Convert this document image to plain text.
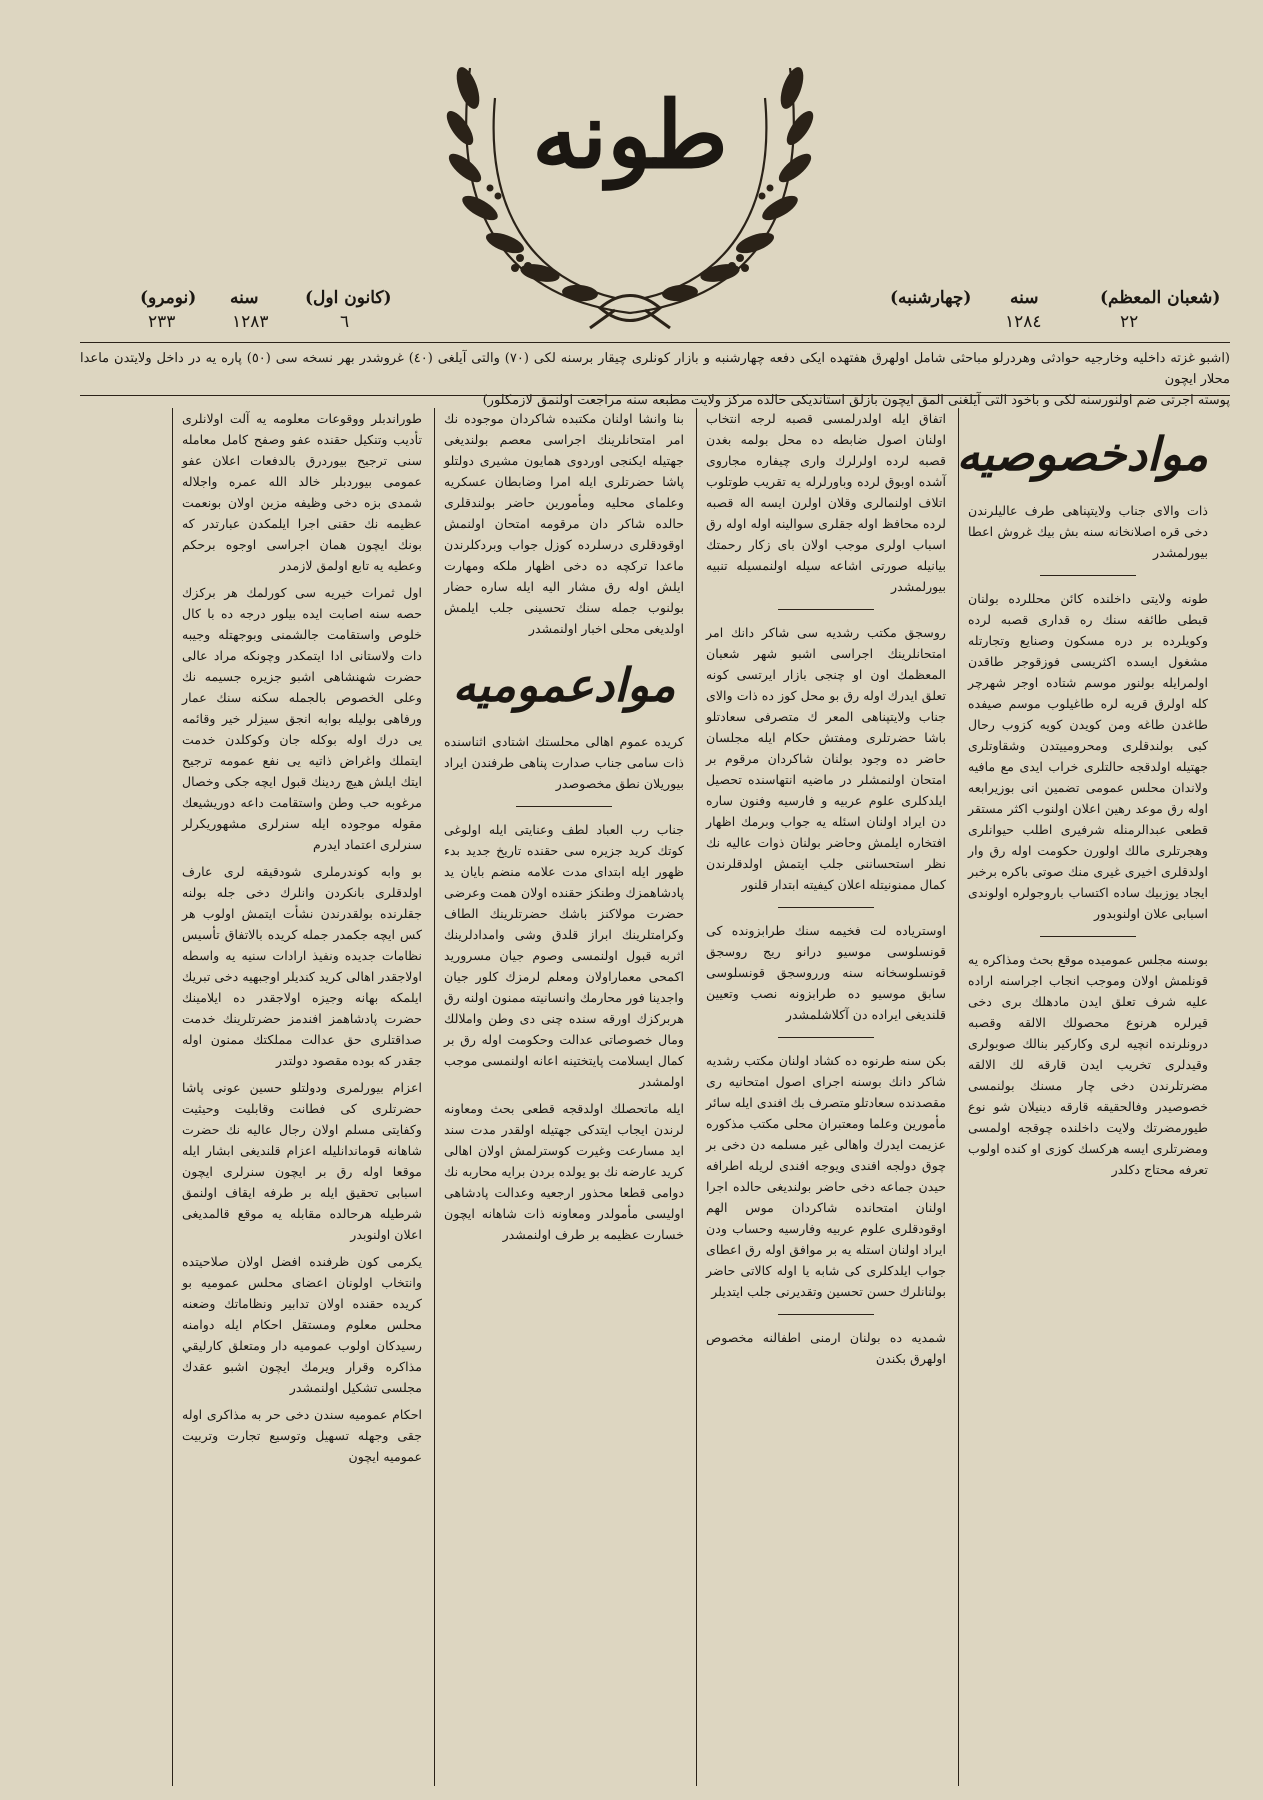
طونه
(شعبان المعظم)
(چهارشنبه) سنه
٢٢
١٢٨٤
(كانون اول)
سنه
(نومرو)
٦
١٢٨٣
٢٣٣
(اشبو غزته داخليه وخارجيه حوادثى وهردرلو مباحثى شامل اولهرق هفتهده ايكى دفعه چهارشنبه و بازار كونلرى چيقار برسنه لكى (٧٠) والتى آيلغى (٤٠) غروشدر بهر نسخه سى (٥٠) پاره يه در داخل ولايتدن ماعدا محلار ايچون
پوسته اجرتى ضم اولنورسنه لكى و باخود التى آيلغنى المق ايچون بازلق استانديكى حالده مركز ولايت مطبعه سنه مراجعت اولنمق لازمكلور)
موادخصوصيه

ذات والاى جناب ولايتپناهى طرف عاليلرندن دخى قره اصلانخانه سنه بش بيك غروش اعطا بيورلمشدر

طونه ولايتى داخلنده كائن محللرده بولنان قبطى طائفه سنك ره قدارى قصبه لرده وكويلرده بر دره مسكون وصنايع وتجارتله مشغول ايسده اكثريسى فوزقوجر طاقدن اولمرايله بولنور موسم شتاده اوجر شهرچر كله اولرق قريه لره طاغيلوب موسم صيفده طاغدن طاغه ومن كويدن كويه كزوب رحال كبى بولندقلرى ومحرومييتدن وشقاوتلرى جهتيله اولدقجه حالتلرى خراب ايدى مع مافيه ولاندان محلس عمومى تضمين انى بوزيرابعه اوله رق موعد رهين اعلان اولنوب اكثر مستقر قطعى عبدالرمنله شرفيرى اطلب حيوانلرى وهجرتلرى مالك اولورن حكومت اوله رق وار اولدقلرى اخيرى غيرى منك صوتى باكره برخبر ايجاد يوزبيك ساده اكتساب باروجولره اولوندى اسبابى علان اولنوبدور

بوسنه مجلس عموميده موقع بحث ومذاكره يه قونلمش اولان وموجب انجاب اجراسنه اراده عليه شرف تعلق ايدن مادهلك برى دخى قيرلره هرنوع محصولك الالقه وقصبه درونلرنده انچيه لرى وكاركير بنالك صوبولرى وقيدلرى تخريب ايدن قارقه لك الالقه مضرتلرندن دخى چار مسنك بولنمسى خصوصيدر وفالحقيقه قارقه دينيلان شو نوع طيورمضرتك ولايت داخلنده چوقجه اولمسى ومضرتلرى ايسه هركسك كوزى او كنده اولوب تعرفه محتاج دكلدر

اتفاق ايله اولدرلمسى قصبه لرجه انتخاب اولنان اصول ضابطه ده محل بولمه بغدن قصبه لرده اولرلرك وارى چيفاره مجاروى آشده اوبوق لرده وباورلرله يه تقريب طوتلوب اتلاف اولنمالرى وقلان اولرن ايسه اله قصبه لرده محافظ اوله جقلرى سوالينه اوله اوله رق اسباب اولرى موجب اولان باى زكار رحمتك بيانيله صورتى اشاعه سيله اولنمسيله تنبيه بيورلمشدر

روسجق مكتب رشديه سى شاكر دانك امر امتحانلرينك اجراسى اشبو شهر شعبان المعظمك اون او چنجى بازار ايرتسى كونه تعلق ايدرك اوله رق بو محل كوز ده ذات والاى جناب ولايتپناهى المعر ك متصرفى سعادتلو باشا حضرتلرى ومفتش حكام ايله مجلسان حاضر ده وجود بولنان شاكردان مرقوم بر امتحان اولنمشلر در ماضيه انتهاسنده تحصيل ايلدكلرى علوم عربيه و فارسيه وفنون ساره دن ايراد اولنان اسئله يه جواب وبرمك اظهار افتخاره ايلمش وحاضر بولنان ذوات عاليه نك نظر استحساننى جلب ايتمش اولدقلرندن كمال ممنونيتله اعلان كيفيته ابتدار قلنور

اوسترياده لت فخيمه سنك طرابزونده كى قونسلوسى موسيو درانو ريج روسجق قونسلوسخانه سنه ورروسجق قونسلوسى سابق موسيو ده طرابزونه نصب وتعيين قلنديغى ايراده دن آكلاشلمشدر

بكن سنه طرنوه ده كشاد اولنان مكتب رشديه شاكر دانك بوسنه اجراى اصول امتحانيه رى مقصدنده سعادتلو متصرف بك افندى ايله سائر مأمورين وعلما ومعتبران محلى مكتب مذكوره عزيمت ايدرك واهالى غير مسلمه دن دخى بر چوق دولجه افندى ويوجه افندى لريله اطرافه حيدن جماعه دخى حاضر بولنديغى حالده اجرا اولنان امتحانده شاكردان موس الهم اوقودقلرى علوم عربيه وفارسيه وحساب ودن ايراد اولنان استله يه بر موافق اوله رق اعطاى جواب ايلدكلرى كى شابه يا اوله كالاتى حاضر بولنانلرك حسن تحسين وتقديرنى جلب ايتديلر

شمديه ده بولنان ارمنى اطفالنه مخصوص اولهرق بكندن

بنا وانشا اولنان مكتبده شاكردان موجوده نك امر امتحانلرينك اجراسى معصم بولنديغى جهتيله ايكنجى اوردوى همايون مشيرى دولتلو پاشا حضرتلرى ايله امرا وضابطان عسكريه وعلماى محليه ومأمورين حاضر بولندقلرى حالده شاكر دان مرقومه امتحان اولنمش اوقودقلرى درسلرده كوزل جواب وبردكلرندن ماعدا تركچه ده دخى اظهار ملكه ومهارت ايلش اوله رق مشار اليه ايله ساره حضار بولنوب جمله سنك تحسينى جلب ايلمش اولديغى محلى اخبار اولنمشدر

موادعموميه

كريده عموم اهالى محلستك اشتادى اثناسنده ذات سامى جناب صدارت پناهى طرفندن ايراد بيوريلان نطق مخصوصدر

جناب رب العباد لطف وعنايتى ايله اولوغى كوتك كريد جزيره سى حقنده تاريخ جديد بدء ظهور ايله ابتداى مدت علامه منضم بايان يد پادشاهمزك وطنكز حقنده اولان همت وعرضى حضرت مولاكنز باشك حضرتلرينك الطاف وكرامتلرينك ابراز قلدق وشى وامدادلرينك اثربه قبول اولنمسى وصوم جيان مسروريد اكمحى معماراولان ومعلم لرمزك كلور جيان واجدينا فور محارمك وانسانيته ممنون اولنه رق هربركزك اورقه سنده چنى دى وطن واملالك ومال خصوصاتى عدالت وحكومت اوله رق بر كمال ايسلامت پايتختينه اعانه اولنمسى موجب اولمشدر

ايله ماتحصلك اولدقجه قطعى بحث ومعاونه لرندن ايجاب ايتدكى جهتيله اولقدر مدت سند ايد مسارعت وغيرت كوسترلمش اولان اهالى كريد عارضه نك بو يولده بردن برايه محاربه نك دوامى قطعا محذور ارجعيه وعدالت پادشاهى اوليسى مأمولدر ومعاونه ذات شاهانه ايچون خسارت عظيمه بر طرف اولنمشدر

طوراندبلر ووقوعات معلومه يه آلت اولانلرى تأديب وتنكيل حقنده عفو وصفح كامل معامله سنى ترجيح بيوردرق بالدفعات اعلان عفو عمومى بيوردبلر خالد الله عمره واجلاله شمدى بزه دخى وظيفه مزين اولان بونعمت عظيمه نك حقنى اجرا ايلمكدن عبارتدر كه بونك ايچون همان اجراسى اوجوه برحكم وعطيه يه تابع اولمق لازمدر

اول ثمرات خيريه سى كورلمك هر بركزك حصه سنه اصابت ايده بيلور درجه ده با كال خلوص واستقامت جالشمنى وبوجهتله وجيبه دات ولاستانى ادا ايتمكدر وچونكه مراد عالى حضرت شهنشاهى اشبو جزيره جسيمه نك وعلى الخصوص بالجمله سكنه سنك عمار ورفاهى بوليله بوابه انجق سيزلر خير وقائمه يى درك اوله بوكله جان وكوكلدن خدمت ايتملك واغراض ذاتيه يى نفع عمومه ترجيح ايتك ايلش هيچ ردينك قبول ايچه جكى وخصال مرغوبه حب وطن واستقامت داعه دوريشيعك مقوله موجوده ايله سنرلرى مشهوريكرلر سنرلرى اعتماد ايدرم

بو وابه كوندرملرى شودقيقه لرى عارف اولدقلرى بانكردن وانلرك دخى جله بولنه جقلرنده بولقدرندن نشأت ايتمش اولوب هر كس ايچه جكمدر جمله كريده بالاتفاق تأسيس نظامات جديده ونفيذ ارادات سنيه يه واسطه اولاجقدر اهالى كريد كنديلر اوجبهيه دخى تبريك ايلمكه بهانه وجيزه اولاجقدر ده ايلامينك حضرت پادشاهمز افندمز حضرتلرينك خدمت صداقتلرى حق عدالت مملكتك ممنون اوله جقدر كه بوده مقصود دولتدر

اعزام بيورلمرى ودولتلو حسين عونى پاشا حضرتلرى كى فطانت وقابليت وحيثيت وكفايتى مسلم اولان رجال عاليه نك حضرت شاهانه قوماندانليله اعزام قلنديغى ابشار ايله موقعا اوله رق بر ايچون سنرلرى ايچون اسبابى تحقيق ايله بر طرفه ايقاف اولنمق شرطيله هرحالده مقابله يه موقع قالمديغى اعلان اولنوبدر

يكرمى كون ظرفنده افضل اولان صلاحيتده وانتخاب اولونان اعضاى محلس عموميه بو كريده حقنده اولان تدابير ونظاماتك وضعنه محلس معلوم ومستقل احكام ايله دوامنه رسيدكان اولوب عموميه دار ومتعلق كارليقي مذاكره وقرار ويرمك ايچون اشبو عقدك مجلسى تشكيل اولنمشدر

احكام عموميه سندن دخى حر به مذاكرى اوله جقى وجهله تسهيل وتوسيع تجارت وتربيت عموميه ايچون
